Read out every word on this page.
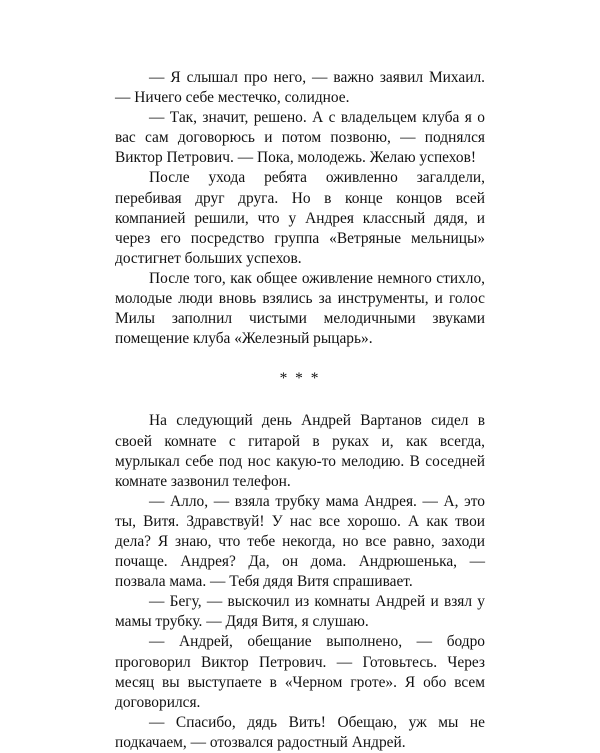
— Я слышал про него, — важно заявил Михаил. — Ничего себе местечко, солидное.

— Так, значит, решено. А с владельцем клуба я о вас сам договорюсь и потом позвоню, — поднялся Виктор Петрович. — Пока, молодежь. Желаю успехов!

После ухода ребята оживленно загалдели, перебивая друг друга. Но в конце концов всей компанией решили, что у Андрея классный дядя, и через его посредство группа «Ветряные мельницы» достигнет больших успехов.

После того, как общее оживление немного стихло, молодые люди вновь взялись за инструменты, и голос Милы заполнил чистыми мелодичными звуками помещение клуба «Железный рыцарь».

* * *

На следующий день Андрей Вартанов сидел в своей комнате с гитарой в руках и, как всегда, мурлыкал себе под нос какую-то мелодию. В соседней комнате зазвонил телефон.

— Алло, — взяла трубку мама Андрея. — А, это ты, Витя. Здравствуй! У нас все хорошо. А как твои дела? Я знаю, что тебе некогда, но все равно, заходи почаще. Андрея? Да, он дома. Андрюшенька, — позвала мама. — Тебя дядя Витя спрашивает.

— Бегу, — выскочил из комнаты Андрей и взял у мамы трубку. — Дядя Витя, я слушаю.

— Андрей, обещание выполнено, — бодро проговорил Виктор Петрович. — Готовьтесь. Через месяц вы выступаете в «Черном гроте». Я обо всем договорился.

— Спасибо, дядь Вить! Обещаю, уж мы не подкачаем, — отозвался радостный Андрей.
